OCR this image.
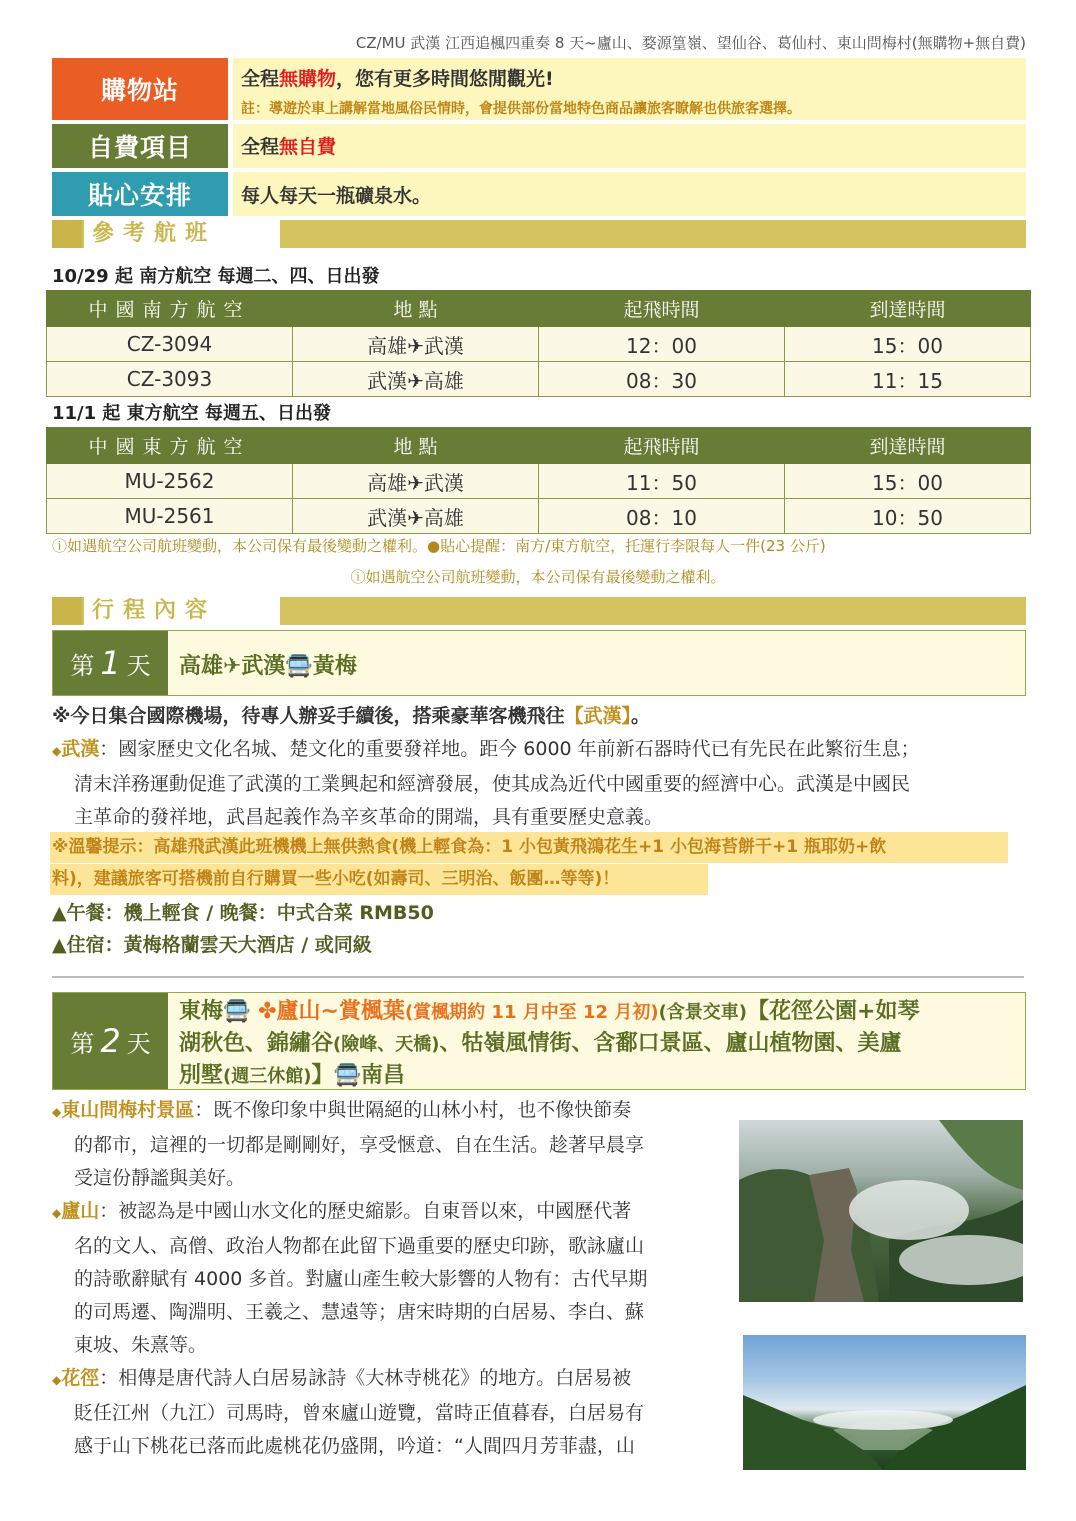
CZ/MU 武漢 江西追楓四重奏 8 天~廬山、婺源篁嶺、望仙谷、葛仙村、東山問梅村(無購物+無自費)
購物站	全程無購物，您有更多時間悠閒觀光!
註：導遊於車上講解當地風俗民情時，會提供部份當地特色商品讓旅客瞭解也供旅客選擇。
自費項目	全程無自費
貼心安排	每人每天一瓶礦泉水。
參考航班
10/29 起 南方航空 每週二、四、日出發
中國南方航空	地 點	起飛時間	到達時間
CZ-3094	高雄✈武漢	12：00	15：00
CZ-3093	武漢✈高雄	08：30	11：15
11/1 起 東方航空 每週五、日出發
中國東方航空	地 點	起飛時間	到達時間
MU-2562	高雄✈武漢	11：50	15：00
MU-2561	武漢✈高雄	08：10	10：50
ⓘ如遇航空公司航班變動，本公司保有最後變動之權利。●貼心提醒：南方/東方航空，托運行李限每人一件(23 公斤)
ⓘ如遇航空公司航班變動，本公司保有最後變動之權利。
行程內容
第 1 天 高雄✈武漢🚍黃梅
※今日集合國際機場，待專人辦妥手續後，搭乘豪華客機飛往【武漢】。
◆武漢：國家歷史文化名城、楚文化的重要發祥地。距今 6000 年前新石器時代已有先民在此繁衍生息；
清末洋務運動促進了武漢的工業興起和經濟發展，使其成為近代中國重要的經濟中心。武漢是中國民
主革命的發祥地，武昌起義作為辛亥革命的開端，具有重要歷史意義。
※溫馨提示：高雄飛武漢此班機機上無供熱食(機上輕食為：1 小包黃飛鴻花生+1 小包海苔餅干+1 瓶耶奶+飲
料)，建議旅客可搭機前自行購買一些小吃(如壽司、三明治、飯團…等等)！
▲午餐：機上輕食 / 晚餐：中式合菜 RMB50
▲住宿：黃梅格蘭雲天大酒店 / 或同級
第 2 天
東梅🚍 ✤廬山~賞楓葉(賞楓期約 11 月中至 12 月初)(含景交車)【花徑公園+如琴
湖秋色、錦繡谷(險峰、天橋)、牯嶺風情街、含鄱口景區、廬山植物園、美廬
別墅(週三休館)】🚍南昌
◆東山問梅村景區：既不像印象中與世隔絕的山林小村，也不像快節奏
的都市，這裡的一切都是剛剛好，享受愜意、自在生活。趁著早晨享
受這份靜謐與美好。
◆廬山：被認為是中國山水文化的歷史縮影。自東晉以來，中國歷代著
名的文人、高僧、政治人物都在此留下過重要的歷史印跡，歌詠廬山
的詩歌辭賦有 4000 多首。對廬山產生較大影響的人物有：古代早期
的司馬遷、陶淵明、王羲之、慧遠等；唐宋時期的白居易、李白、蘇
東坡、朱熹等。
◆花徑：相傳是唐代詩人白居易詠詩《大林寺桃花》的地方。白居易被
貶任江州（九江）司馬時，曾來廬山遊覽，當時正值暮春，白居易有
感于山下桃花已落而此處桃花仍盛開，吟道：“人間四月芳菲盡，山
